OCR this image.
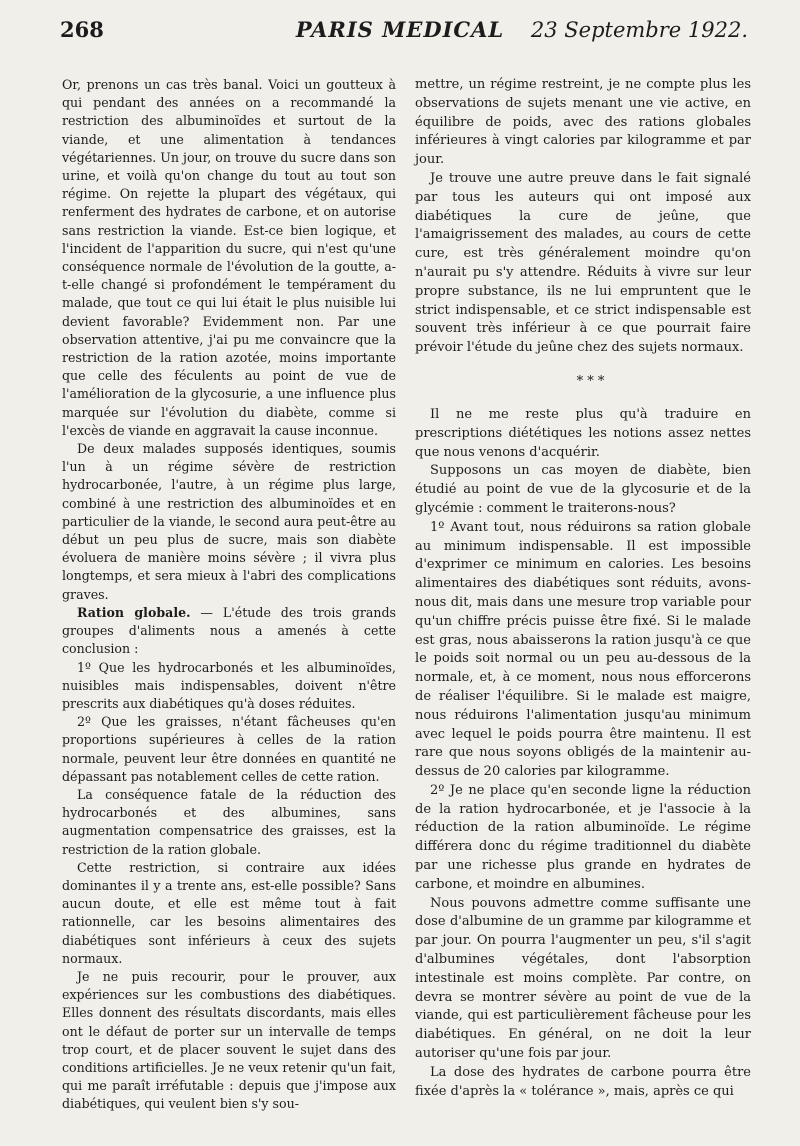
PARIS MEDICAL
268	23 Septembre 1922.

Or, prenons un cas très banal. Voici un goutteux à qui pendant des années on a recommandé la restriction des albuminoïdes et surtout de la viande, et une alimentation à tendances végétariennes. Un jour, on trouve du sucre dans son urine, et voilà qu'on change du tout au tout son régime. On rejette la plupart des végétaux, qui renferment des hydrates de carbone, et on autorise sans restriction la viande. Est-ce bien logique, et l'incident de l'apparition du sucre, qui n'est qu'une conséquence normale de l'évolution de la goutte, a-t-elle changé si profondément le tempérament du malade, que tout ce qui lui était le plus nuisible lui devient favorable? Evidemment non. Par une observation attentive, j'ai pu me convaincre que la restriction de la ration azotée, moins importante que celle des féculents au point de vue de l'amélioration de la glycosurie, a une influence plus marquée sur l'évolution du diabète, comme si l'excès de viande en aggravait la cause inconnue.

De deux malades supposés identiques, soumis l'un à un régime sévère de restriction hydrocarbonée, l'autre, à un régime plus large, combiné à une restriction des albuminoïdes et en particulier de la viande, le second aura peut-être au début un peu plus de sucre, mais son diabète évoluera de manière moins sévère ; il vivra plus longtemps, et sera mieux à l'abri des complications graves.

Ration globale. — L'étude des trois grands groupes d'aliments nous a amenés à cette conclusion :

1º Que les hydrocarbonés et les albuminoïdes, nuisibles mais indispensables, doivent n'être prescrits aux diabétiques qu'à doses réduites.

2º Que les graisses, n'étant fâcheuses qu'en proportions supérieures à celles de la ration normale, peuvent leur être données en quantité ne dépassant pas notablement celles de cette ration.

La conséquence fatale de la réduction des hydrocarbonés et des albumines, sans augmentation compensatrice des graisses, est la restriction de la ration globale.

Cette restriction, si contraire aux idées dominantes il y a trente ans, est-elle possible? Sans aucun doute, et elle est même tout à fait rationnelle, car les besoins alimentaires des diabétiques sont inférieurs à ceux des sujets normaux.

Je ne puis recourir, pour le prouver, aux expériences sur les combustions des diabétiques. Elles donnent des résultats discordants, mais elles ont le défaut de porter sur un intervalle de temps trop court, et de placer souvent le sujet dans des conditions artificielles. Je ne veux retenir qu'un fait, qui me paraît irréfutable : depuis que j'impose aux diabétiques, qui veulent bien s'y sou-

mettre, un régime restreint, je ne compte plus les observations de sujets menant une vie active, en équilibre de poids, avec des rations globales inférieures à vingt calories par kilogramme et par jour.

Je trouve une autre preuve dans le fait signalé par tous les auteurs qui ont imposé aux diabétiques la cure de jeûne, que l'amaigrissement des malades, au cours de cette cure, est très généralement moindre qu'on n'aurait pu s'y attendre. Réduits à vivre sur leur propre substance, ils ne lui empruntent que le strict indispensable, et ce strict indispensable est souvent très inférieur à ce que pourrait faire prévoir l'étude du jeûne chez des sujets normaux.

* * *

Il ne me reste plus qu'à traduire en prescriptions diététiques les notions assez nettes que nous venons d'acquérir.

Supposons un cas moyen de diabète, bien étudié au point de vue de la glycosurie et de la glycémie : comment le traiterons-nous?

1º Avant tout, nous réduirons sa ration globale au minimum indispensable. Il est impossible d'exprimer ce minimum en calories. Les besoins alimentaires des diabétiques sont réduits, avons-nous dit, mais dans une mesure trop variable pour qu'un chiffre précis puisse être fixé. Si le malade est gras, nous abaisserons la ration jusqu'à ce que le poids soit normal ou un peu au-dessous de la normale, et, à ce moment, nous nous efforcerons de réaliser l'équilibre. Si le malade est maigre, nous réduirons l'alimentation jusqu'au minimum avec lequel le poids pourra être maintenu. Il est rare que nous soyons obligés de la maintenir au-dessus de 20 calories par kilogramme.

2º Je ne place qu'en seconde ligne la réduction de la ration hydrocarbonée, et je l'associe à la réduction de la ration albuminoïde. Le régime différera donc du régime traditionnel du diabète par une richesse plus grande en hydrates de carbone, et moindre en albumines.

Nous pouvons admettre comme suffisante une dose d'albumine de un gramme par kilogramme et par jour. On pourra l'augmenter un peu, s'il s'agit d'albumines végétales, dont l'absorption intestinale est moins complète. Par contre, on devra se montrer sévère au point de vue de la viande, qui est particulièrement fâcheuse pour les diabétiques. En général, on ne doit la leur autoriser qu'une fois par jour.

La dose des hydrates de carbone pourra être fixée d'après la « tolérance », mais, après ce qui
